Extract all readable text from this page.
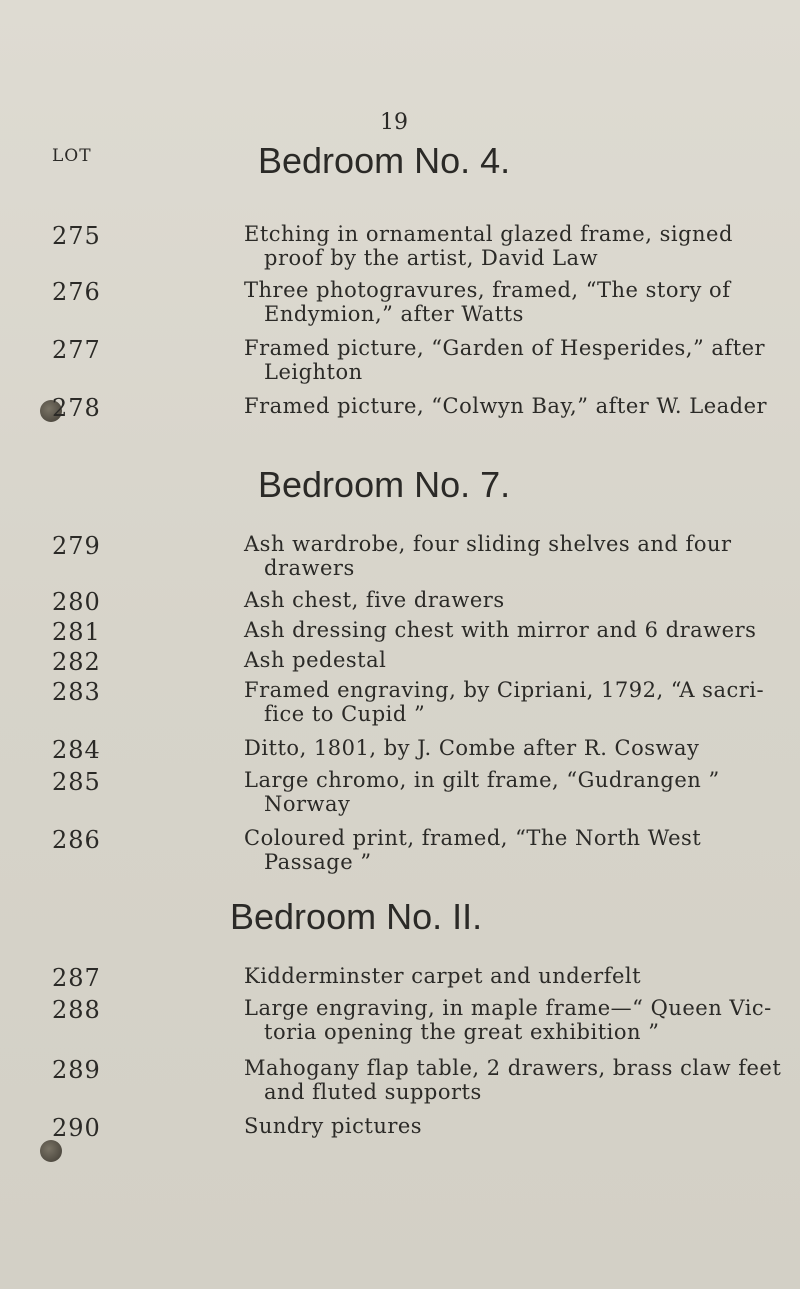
19
LOT	Bedroom No. 4.
275	Etching in ornamental glazed frame, signed
proof by the artist, David Law
276	Three photogravures, framed, “The story of
Endymion,” after Watts
277	Framed picture, “Garden of Hesperides,” after
Leighton
278	Framed picture, “Colwyn Bay,” after W. Leader
Bedroom No. 7.
279	Ash wardrobe, four sliding shelves and four
drawers
280	Ash chest, five drawers
281	Ash dressing chest with mirror and 6 drawers
282	Ash pedestal
283	Framed engraving, by Cipriani, 1792, “A sacri-
fice to Cupid ”
284	Ditto, 1801, by J. Combe after R. Cosway
285	Large chromo, in gilt frame, “Gudrangen ”
Norway
286	Coloured print, framed, “The North West
Passage ”
Bedroom No. II.
287	Kidderminster carpet and underfelt
288	Large engraving, in maple frame—“ Queen Vic-
toria opening the great exhibition ”
289	Mahogany flap table, 2 drawers, brass claw feet
and fluted supports
290	Sundry pictures
